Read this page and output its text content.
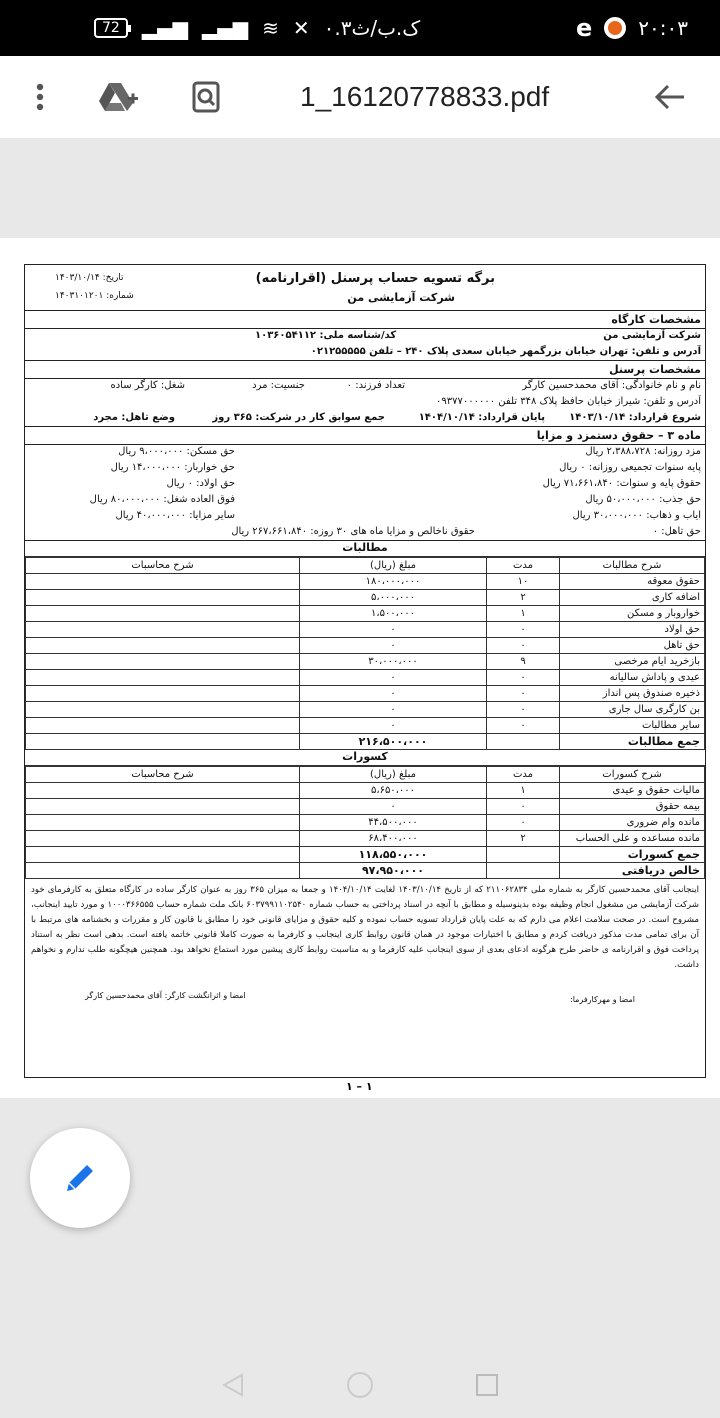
72	▂▄▆ ▂▄▆ ≋ ✕ ۰.۳ک.ب/ث	e ۲۰:۰۳
1_16120778833.pdf
برگه تسویه حساب پرسنل (اقرارنامه)
شرکت آزمایشی من
تاریخ: ۱۴۰۳/۱۰/۱۴
شماره: ۱۴۰۳۱۰۱۲۰۱
مشخصات کارگاه
شرکت آزمایشی من
کد/شناسه ملی: ۱۰۳۶۰۵۴۱۱۲
آدرس و تلفن: تهران خیابان بزرگمهر خیابان سعدی پلاک ۲۴۰ – تلفن ۰۲۱۲۵۵۵۵۵
مشخصات پرسنل
نام و نام خانوادگی: آقای محمدحسین کارگر
تعداد فرزند: ۰
جنسیت: مرد
شغل: کارگر ساده
آدرس و تلفن: شیراز خیابان حافظ پلاک ۳۴۸ تلفن ۰۹۳۷۷۰۰۰۰۰۰
شروع قرارداد: ۱۴۰۳/۱۰/۱۴
پایان قرارداد: ۱۴۰۴/۱۰/۱۴
جمع سوابق کار در شرکت: ۳۶۵ روز
وضع تاهل: مجرد
ماده ۳ – حقوق دستمزد و مزایا
مزد روزانه: ۲،۳۸۸،۷۲۸ ریال
حق مسکن: ۹،۰۰۰،۰۰۰ ریال
پایه سنوات تجمیعی روزانه: ۰ ریال
حق خواربار: ۱۴،۰۰۰،۰۰۰ ریال
حقوق پایه و سنوات: ۷۱،۶۶۱،۸۴۰ ریال
حق اولاد: ۰ ریال
حق جذب: ۵۰،۰۰۰،۰۰۰ ریال
فوق العاده شغل: ۸۰،۰۰۰،۰۰۰ ریال
ایاب و ذهاب: ۳۰،۰۰۰،۰۰۰ ریال
سایر مزایا: ۴۰،۰۰۰،۰۰۰ ریال
حق تاهل: ۰
حقوق ناخالص و مزایا ماه های ۳۰ روزه: ۲۶۷،۶۶۱،۸۴۰ ریال
مطالبات
شرح مطالبات	مدت	مبلغ (ریال)	شرح محاسبات
حقوق معوقه	۱۰	۱۸۰،۰۰۰،۰۰۰	
اضافه کاری	۲	۵،۰۰۰،۰۰۰	
خواروبار و مسکن	۱	۱،۵۰۰،۰۰۰	
حق اولاد	۰	۰	
حق تاهل	۰	۰	
بازخرید ایام مرخصی	۹	۳۰،۰۰۰،۰۰۰	
عیدی و پاداش سالیانه	۰	۰	
ذخیره صندوق پس انداز	۰	۰	
بن کارگری سال جاری	۰	۰	
سایر مطالبات	۰	۰	
جمع مطالبات		۲۱۶،۵۰۰،۰۰۰	
کسورات
شرح کسورات	مدت	مبلغ (ریال)	شرح محاسبات
مالیات حقوق و عیدی	۱	۵،۶۵۰،۰۰۰	
بیمه حقوق	۰	۰	
مانده وام ضروری	۰	۴۴،۵۰۰،۰۰۰	
مانده مساعده و علی الحساب	۲	۶۸،۴۰۰،۰۰۰	
جمع کسورات		۱۱۸،۵۵۰،۰۰۰	
خالص دریافتی		۹۷،۹۵۰،۰۰۰	
اینجانب آقای محمدحسین کارگر به شماره ملی ۲۱۱۰۶۲۸۳۴ که از تاریخ ۱۴۰۳/۱۰/۱۴ لغایت ۱۴۰۴/۱۰/۱۴ و جمعا به میزان ۳۶۵ روز به عنوان کارگر ساده در کارگاه متعلق به کارفرمای خود شرکت آزمایشی من مشغول انجام وظیفه بوده بدینوسیله و مطابق با آنچه در اسناد پرداختی به حساب شماره ۶۰۳۷۹۹۱۱۰۲۵۴۰ بانک ملت شماره حساب ۱۰۰۰۳۶۶۵۵۵ و مورد تایید اینجانب، مشروح است. در صحت سلامت اعلام می دارم که به علت پایان قرارداد تسویه حساب نموده و کلیه حقوق و مزایای قانونی خود را مطابق با قانون کار و مقررات و بخشنامه های مرتبط با آن برای تمامی مدت مذکور دریافت کردم و مطابق با اختیارات موجود در همان قانون روابط کاری اینجانب و کارفرما به صورت کاملا قانونی خاتمه یافته است. بدهی است نظر به استناد پرداخت فوق و اقرارنامه ی حاضر طرح هرگونه ادعای بعدی از سوی اینجانب علیه کارفرما و به مناسبت روابط کاری پیشین مورد استماع نخواهد بود. همچنین هیچگونه طلب ندارم و نخواهم داشت.
امضا و اثرانگشت کارگر: آقای محمدحسین کارگر	امضا و مهرکارفرما:
۱ – ۱
